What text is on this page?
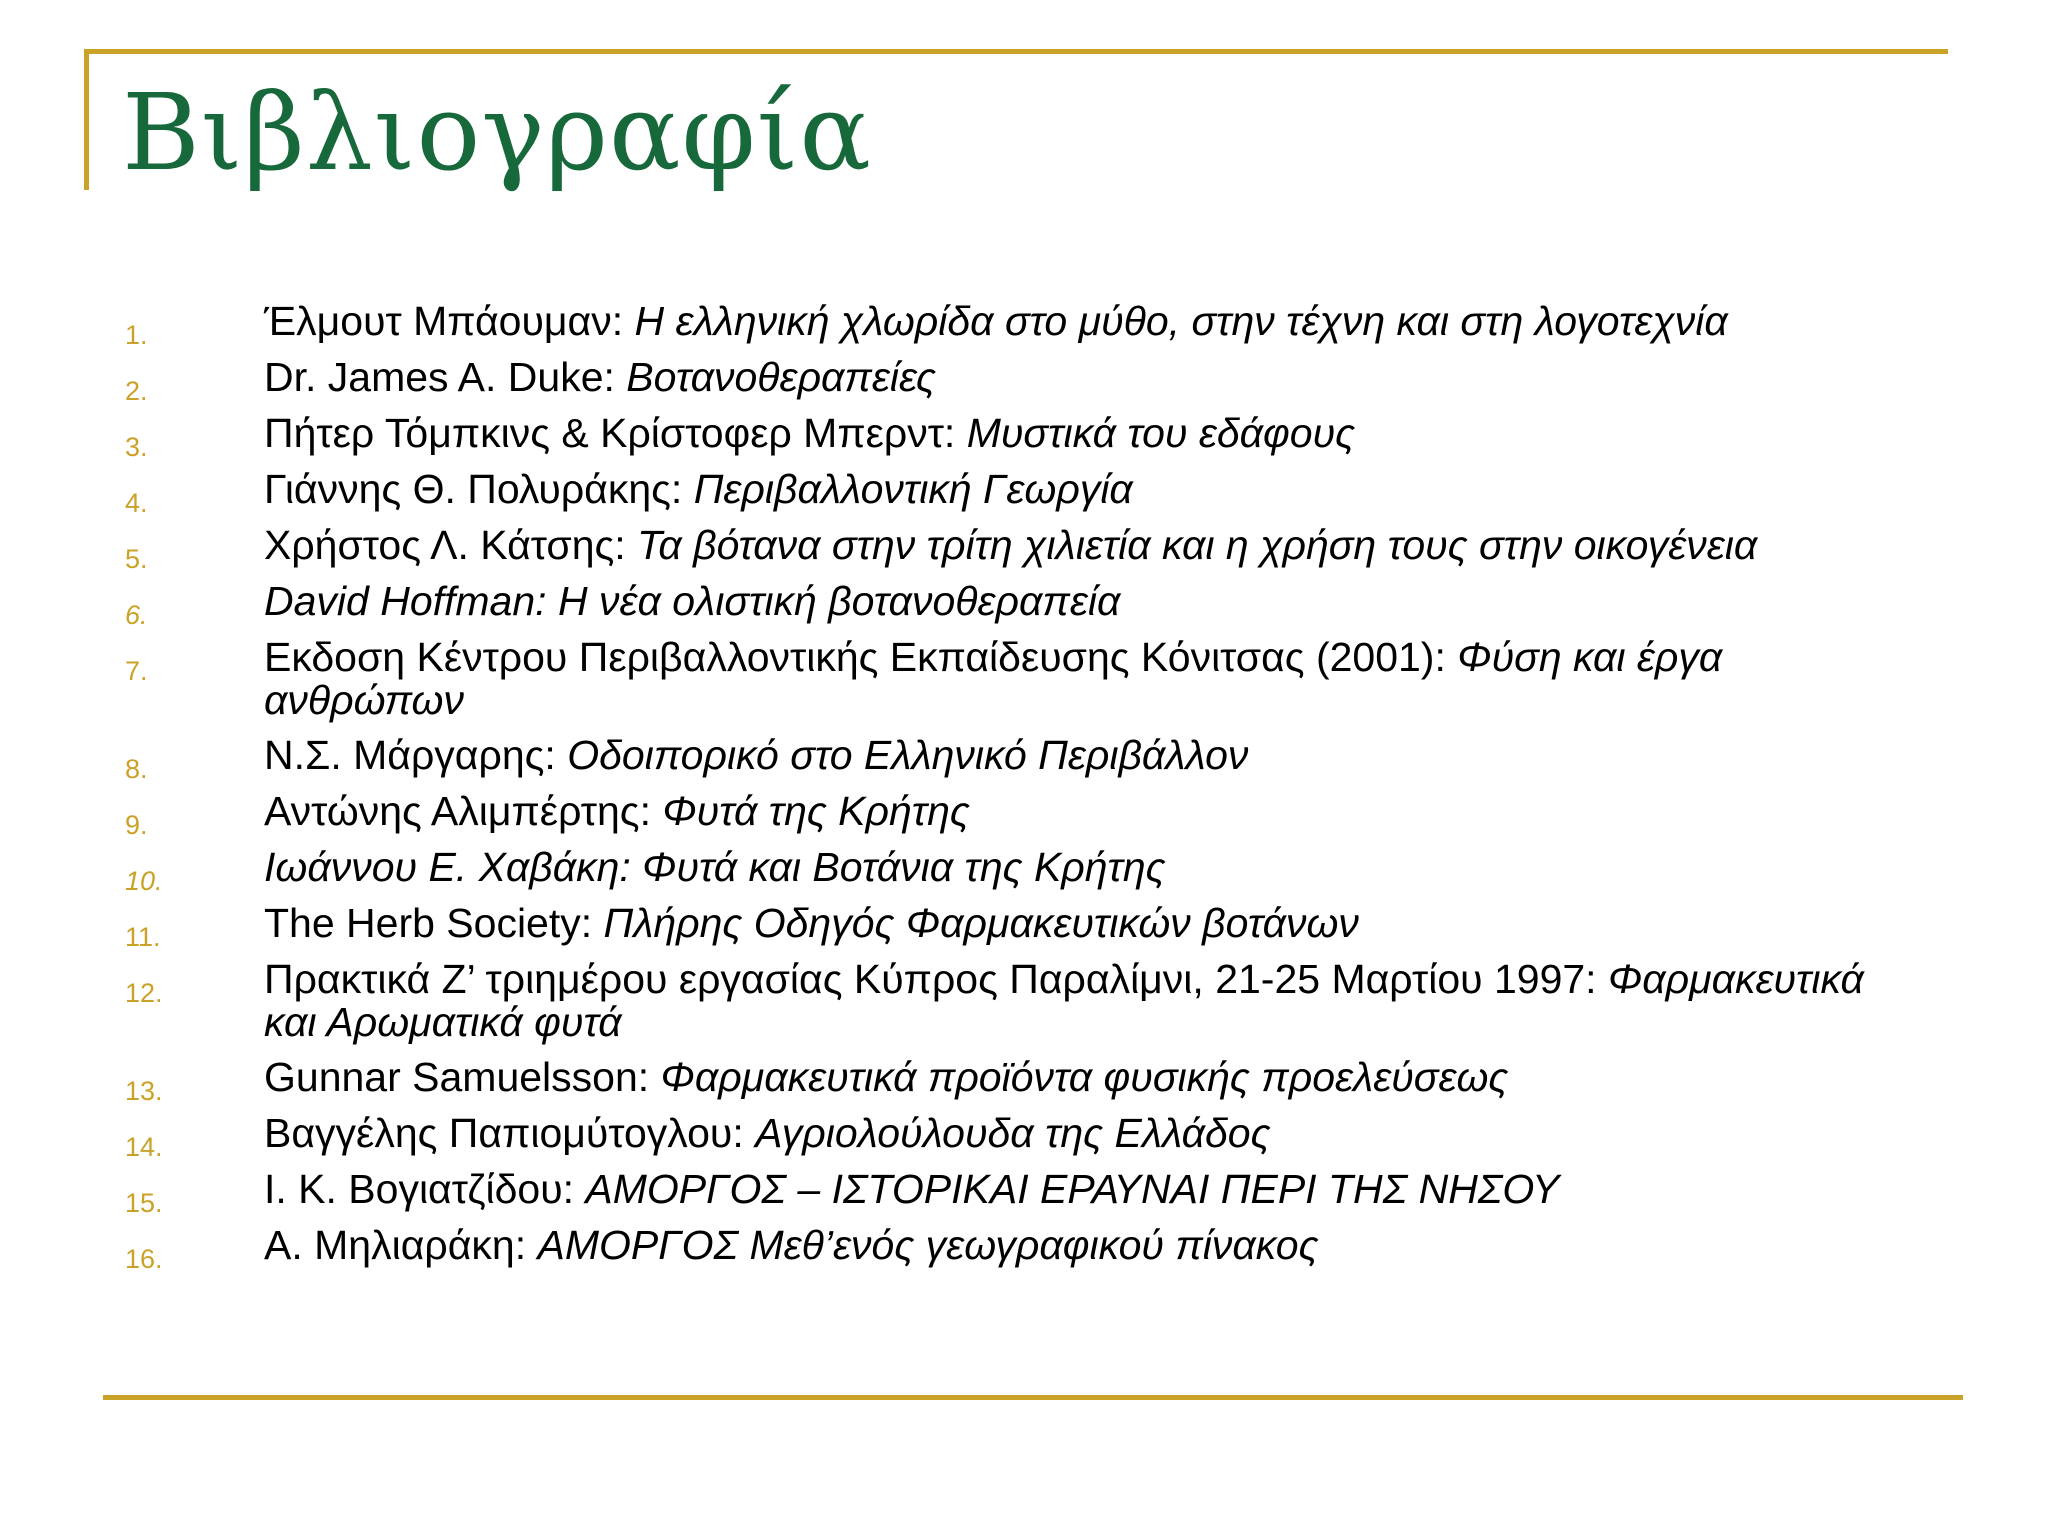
Βιβλιογραφία
1.	Έλμουτ Μπάουμαν: Η ελληνική χλωρίδα στο μύθο, στην τέχνη και στη λογοτεχνία
2.	Dr. James A. Duke: Βοτανοθεραπείες
3.	Πήτερ Τόμπκινς & Κρίστοφερ Μπερντ: Μυστικά του εδάφους
4.	Γιάννης Θ. Πολυράκης: Περιβαλλοντική Γεωργία
5.	Χρήστος Λ. Κάτσης: Τα βότανα στην τρίτη χιλιετία και η χρήση τους στην οικογένεια
6.	David Hoffman: Η νέα ολιστική βοτανοθεραπεία
7.	Εκδοση Κέντρου Περιβαλλοντικής Εκπαίδευσης Κόνιτσας (2001): Φύση και έργα ανθρώπων
8.	Ν.Σ. Μάργαρης: Οδοιπορικό στο Ελληνικό Περιβάλλον
9.	Αντώνης Αλιμπέρτης: Φυτά της Κρήτης
10. Ιωάννου Ε. Χαβάκη: Φυτά και Βοτάνια της Κρήτης
11.	The Herb Society: Πλήρης Οδηγός Φαρμακευτικών βοτάνων
12. Πρακτικά Ζ’ τριημέρου εργασίας Κύπρος Παραλίμνι, 21-25 Μαρτίου 1997: Φαρμακευτικά και Αρωματικά φυτά
13. Gunnar Samuelsson: Φαρμακευτικά προϊόντα φυσικής προελεύσεως
14. Βαγγέλης Παπιομύτογλου: Αγριολούλουδα της Ελλάδος
15. Ι. Κ. Βογιατζίδου: ΑΜΟΡΓΟΣ – ΙΣΤΟΡΙΚΑΙ ΕΡΑΥΝΑΙ ΠΕΡΙ ΤΗΣ ΝΗΣΟΥ
16. Α. Μηλιαράκη: ΑΜΟΡΓΟΣ Μεθ’ενός γεωγραφικού πίνακος
